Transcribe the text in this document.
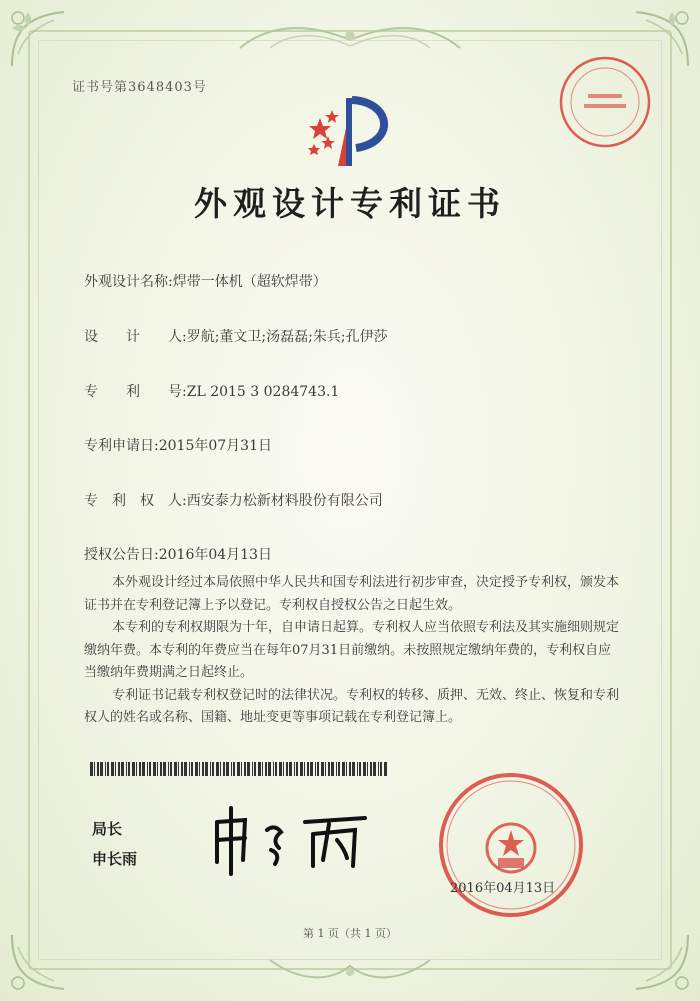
证书号第3648403号
外观设计专利证书
外观设计名称:焊带一体机（超软焊带）
设　　计　　人:罗航;董文卫;汤磊磊;朱兵;孔伊莎
专　　利　　号:ZL 2015 3 0284743.1
专利申请日:2015年07月31日
专　利　权　人:西安泰力松新材料股份有限公司
授权公告日:2016年04月13日

本外观设计经过本局依照中华人民共和国专利法进行初步审查，决定授予专利权，颁发本证书并在专利登记簿上予以登记。专利权自授权公告之日起生效。

本专利的专利权期限为十年，自申请日起算。专利权人应当依照专利法及其实施细则规定缴纳年费。本专利的年费应当在每年07月31日前缴纳。未按照规定缴纳年费的，专利权自应当缴纳年费期满之日起终止。

专利证书记载专利权登记时的法律状况。专利权的转移、质押、无效、终止、恢复和专利权人的姓名或名称、国籍、地址变更等事项记载在专利登记簿上。

局长
申长雨
2016年04月13日
第 1 页（共 1 页）
